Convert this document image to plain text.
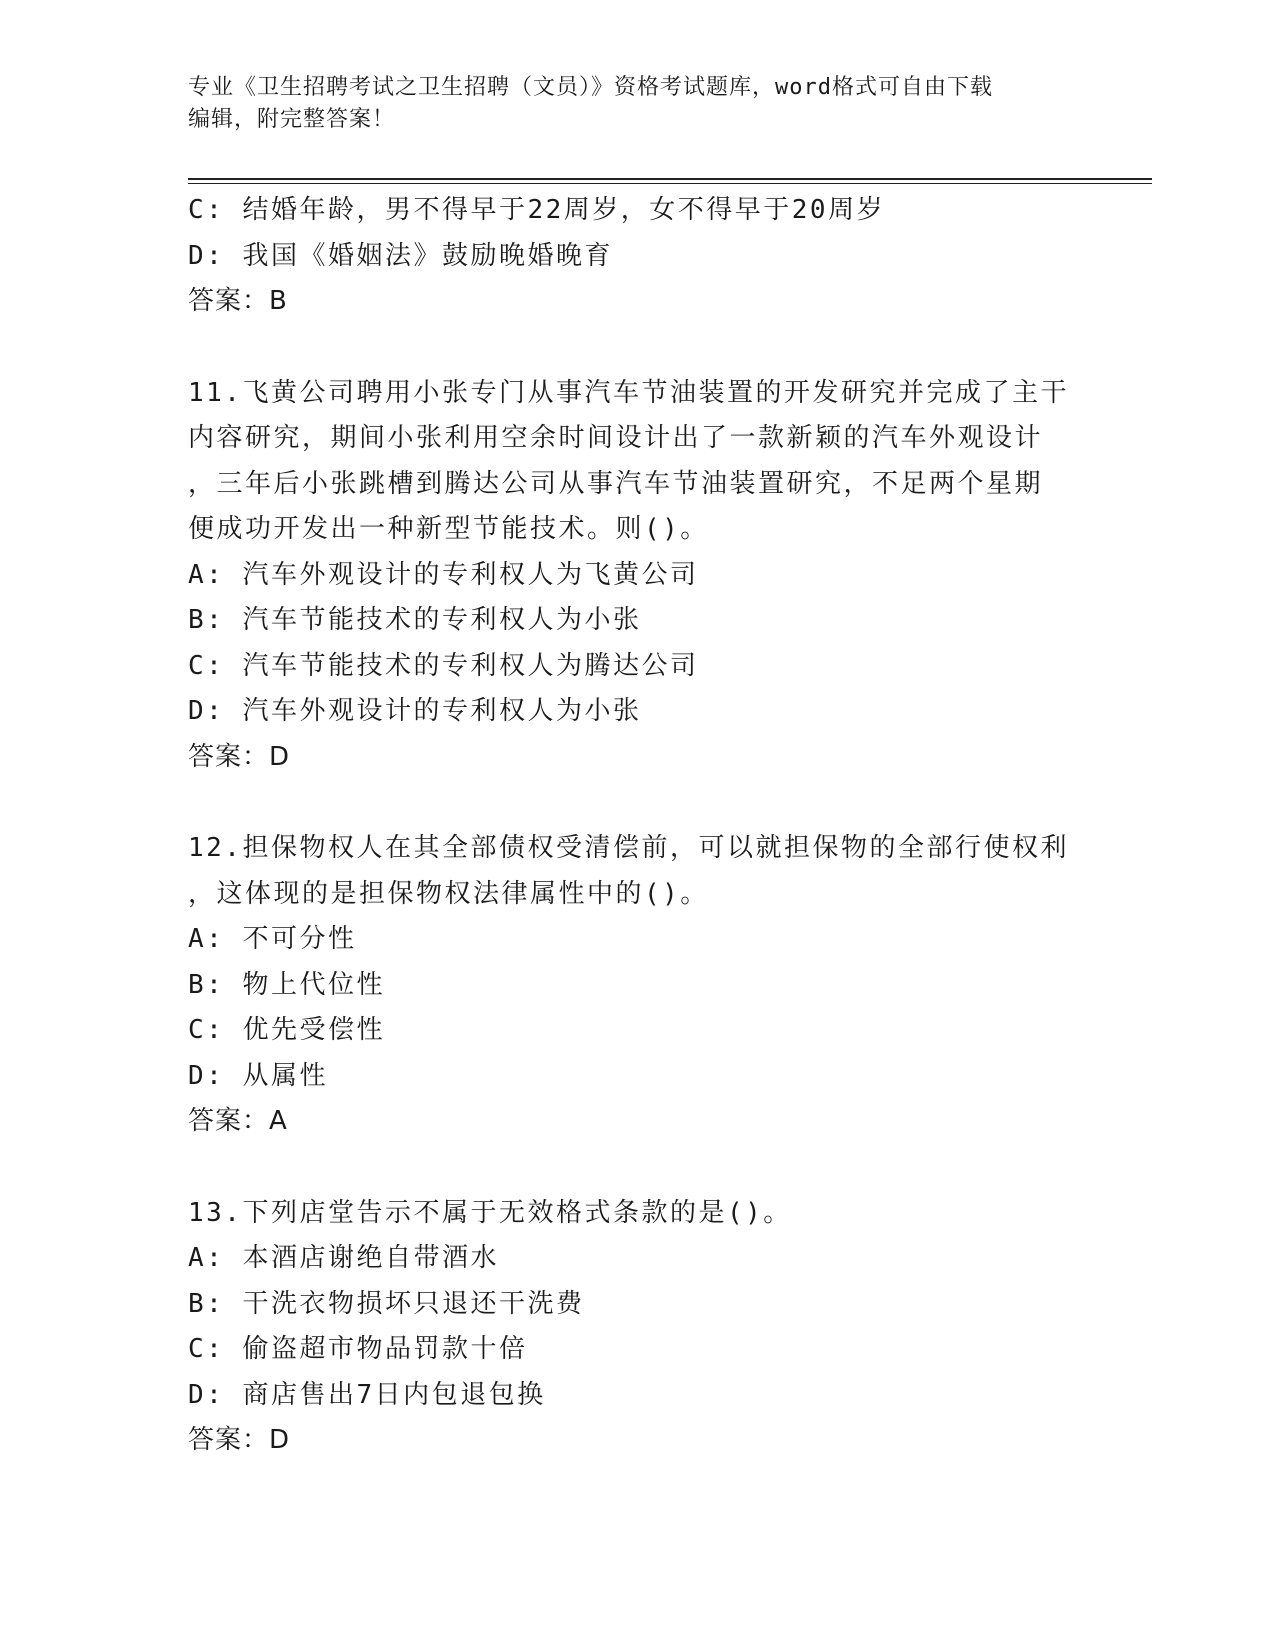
专业《卫生招聘考试之卫生招聘（文员）》资格考试题库，word格式可自由下载
编辑，附完整答案！
C: 结婚年龄，男不得早于22周岁，女不得早于20周岁
D: 我国《婚姻法》鼓励晚婚晚育
答案：B
11.飞黄公司聘用小张专门从事汽车节油装置的开发研究并完成了主干
内容研究，期间小张利用空余时间设计出了一款新颖的汽车外观设计
，三年后小张跳槽到腾达公司从事汽车节油装置研究，不足两个星期
便成功开发出一种新型节能技术。则()。
A: 汽车外观设计的专利权人为飞黄公司
B: 汽车节能技术的专利权人为小张
C: 汽车节能技术的专利权人为腾达公司
D: 汽车外观设计的专利权人为小张
答案：D
12.担保物权人在其全部债权受清偿前，可以就担保物的全部行使权利
，这体现的是担保物权法律属性中的()。
A: 不可分性
B: 物上代位性
C: 优先受偿性
D: 从属性
答案：A
13.下列店堂告示不属于无效格式条款的是()。
A: 本酒店谢绝自带酒水
B: 干洗衣物损坏只退还干洗费
C: 偷盗超市物品罚款十倍
D: 商店售出7日内包退包换
答案：D
